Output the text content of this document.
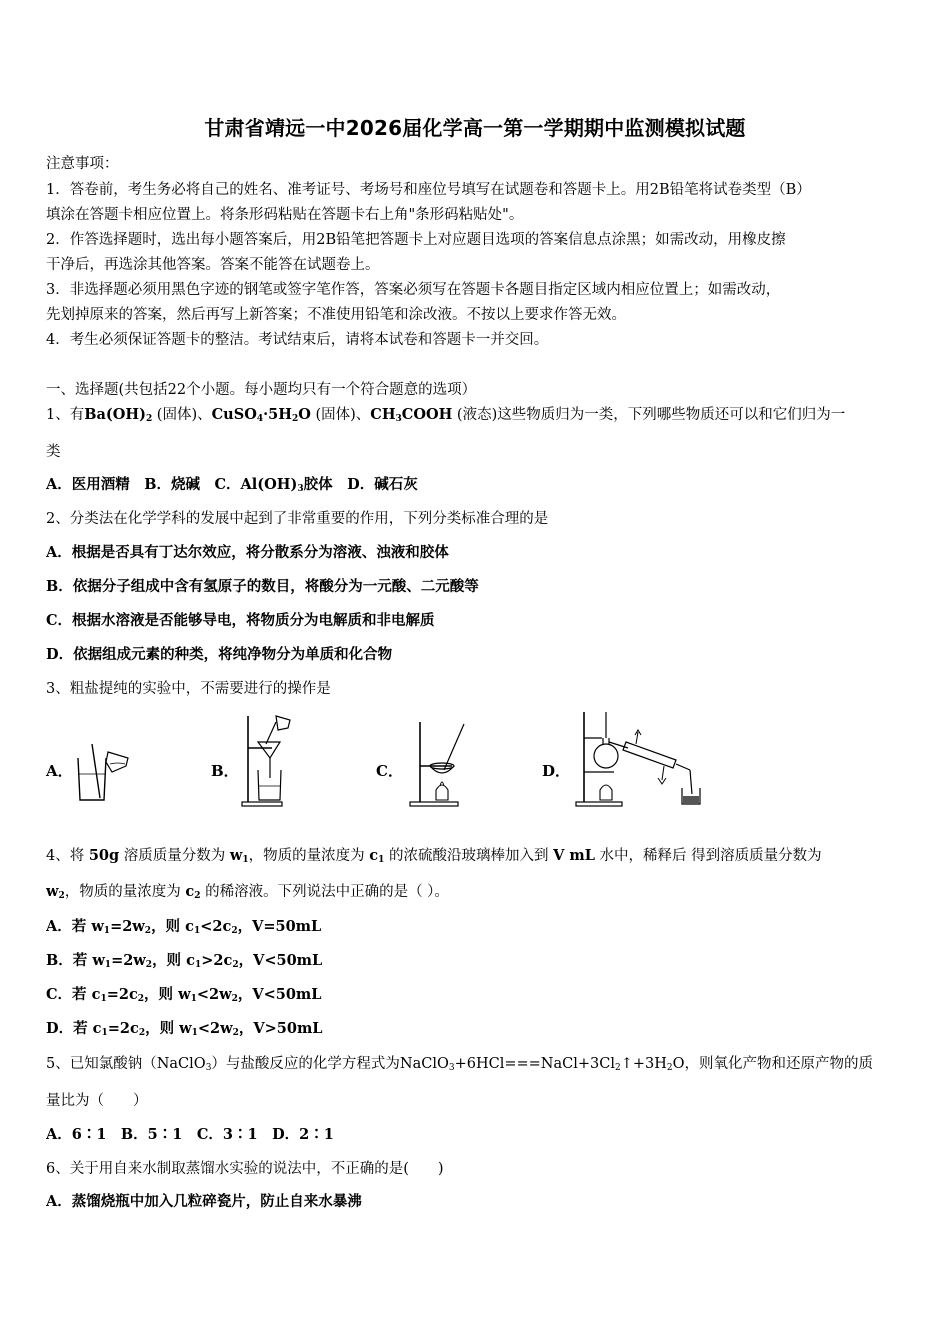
甘肃省靖远一中2026届化学高一第一学期期中监测模拟试题
注意事项：
1．答卷前，考生务必将自己的姓名、准考证号、考场号和座位号填写在试题卷和答题卡上。用2B铅笔将试卷类型（B）
填涂在答题卡相应位置上。将条形码粘贴在答题卡右上角"条形码粘贴处"。
2．作答选择题时，选出每小题答案后，用2B铅笔把答题卡上对应题目选项的答案信息点涂黑；如需改动，用橡皮擦
干净后，再选涂其他答案。答案不能答在试题卷上。
3．非选择题必须用黑色字迹的钢笔或签字笔作答，答案必须写在答题卡各题目指定区域内相应位置上；如需改动，
先划掉原来的答案，然后再写上新答案；不准使用铅笔和涂改液。不按以上要求作答无效。
4．考生必须保证答题卡的整洁。考试结束后，请将本试卷和答题卡一并交回。
一、选择题(共包括22个小题。每小题均只有一个符合题意的选项）
1、有$Ba(OH)_2$ (固体)、$CuSO_4\cdot 5H_2O$ (固体)、$CH_3COOH$ (液态)这些物质归为一类，下列哪些物质还可以和它们归为一
类
A．医用酒精　B．烧碱　C．$Al(OH)_3$胶体　D．碱石灰
2、分类法在化学学科的发展中起到了非常重要的作用，下列分类标准合理的是
A．根据是否具有丁达尔效应，将分散系分为溶液、浊液和胶体
B．依据分子组成中含有氢原子的数目，将酸分为一元酸、二元酸等
C．根据水溶液是否能够导电，将物质分为电解质和非电解质
D．依据组成元素的种类，将纯净物分为单质和化合物
3、粗盐提纯的实验中，不需要进行的操作是
A．	B．	C．	D．
4、将 50g 溶质质量分数为 $w_1$，物质的量浓度为 $c_1$ 的浓硫酸沿玻璃棒加入到 V mL 水中，稀释后 得到溶质质量分数为
$w_2$，物质的量浓度为 $c_2$ 的稀溶液。下列说法中正确的是（ ）。
A．若 $w_1=2w_2$，则 $c_1<2c_2$，V=50mL
B．若 $w_1=2w_2$，则 $c_1>2c_2$，V<50mL
C．若 $c_1=2c_2$，则 $w_1<2w_2$，V<50mL
D．若 $c_1=2c_2$，则 $w_1<2w_2$，V>50mL
5、已知氯酸钠（NaClO$_3$）与盐酸反应的化学方程式为$NaClO_3+6HCl===NaCl+3Cl_2↑+3H_2O$，则氧化产物和还原产物的质
量比为（　　）
A．6∶1　B．5∶1　C．3∶1　D．2∶1
6、关于用自来水制取蒸馏水实验的说法中，不正确的是(　　)
A．蒸馏烧瓶中加入几粒碎瓷片，防止自来水暴沸
